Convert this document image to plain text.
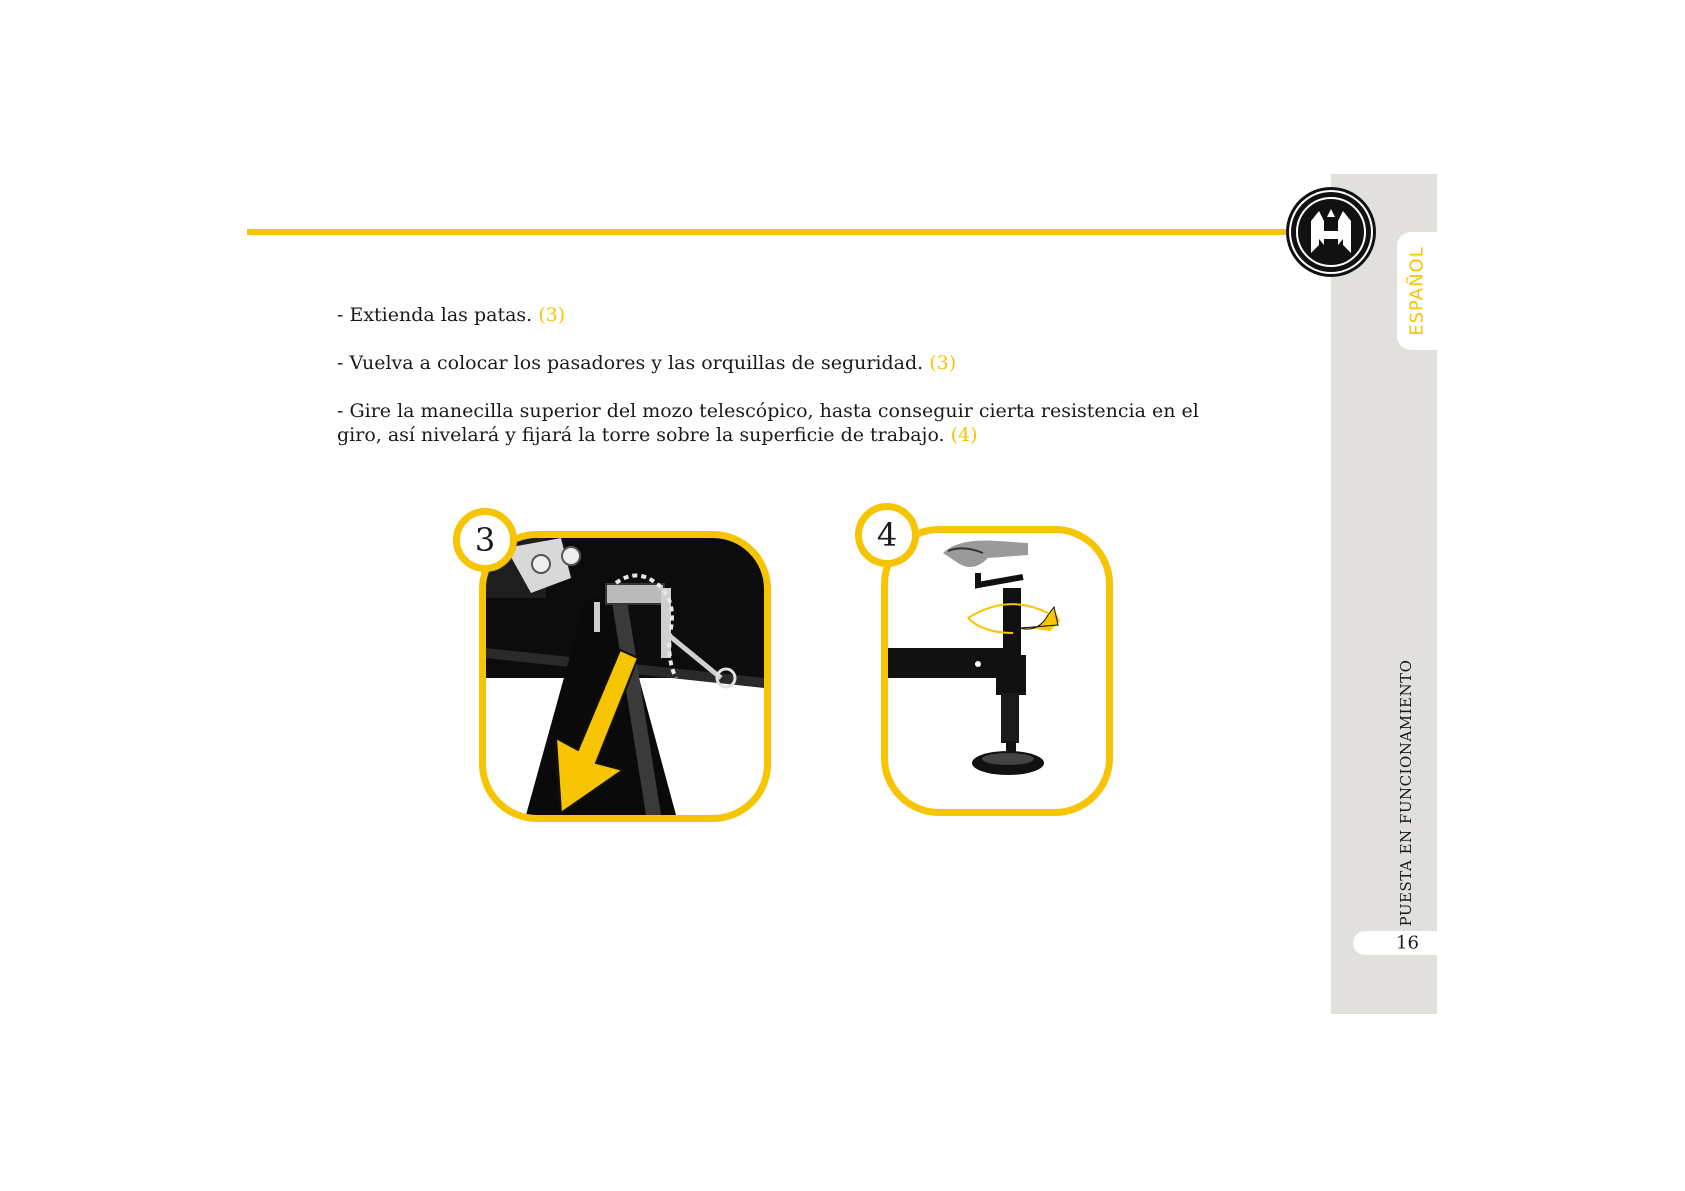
ESPAÑOL
PUESTA EN FUNCIONAMIENTO
16

- Extienda las patas. (3)

- Vuelva a colocar los pasadores y las orquillas de seguridad. (3)

- Gire la manecilla superior del mozo telescópico, hasta conseguir cierta resistencia en el giro, así nivelará y fijará la torre sobre la superficie de trabajo. (4)

3	4
